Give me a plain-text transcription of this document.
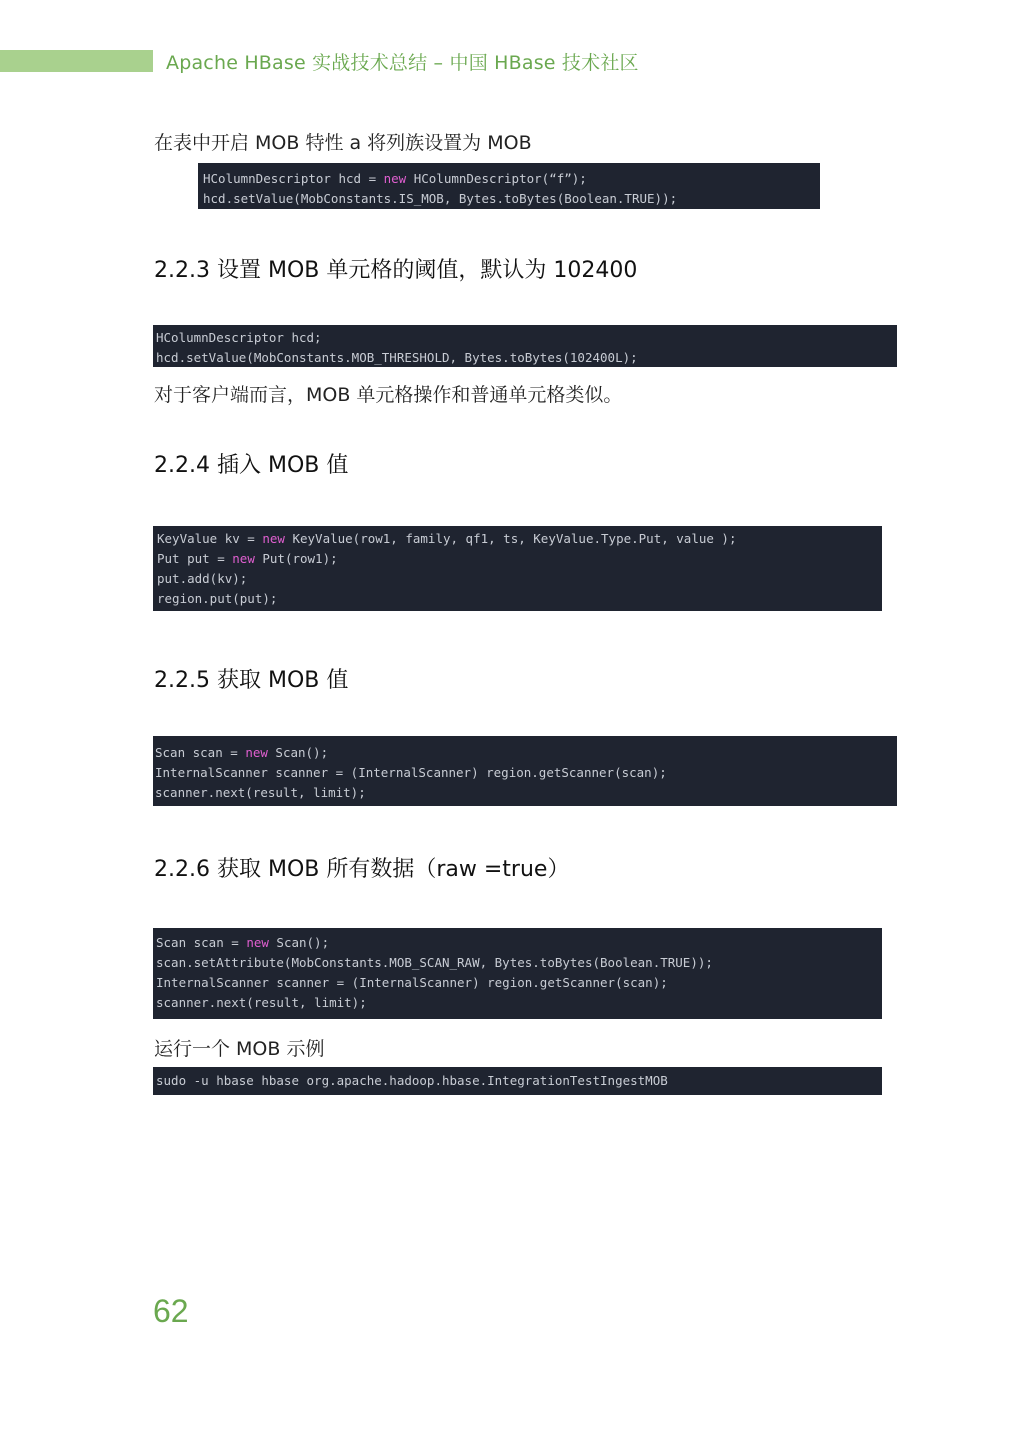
Apache HBase 实战技术总结 – 中国 HBase 技术社区
在表中开启 MOB 特性 a 将列族设置为 MOB
HColumnDescriptor hcd = new HColumnDescriptor(“f”);
hcd.setValue(MobConstants.IS_MOB, Bytes.toBytes(Boolean.TRUE));
2.2.3 设置 MOB 单元格的阈值，默认为 102400
HColumnDescriptor hcd;
hcd.setValue(MobConstants.MOB_THRESHOLD, Bytes.toBytes(102400L);
对于客户端而言，MOB 单元格操作和普通单元格类似。
2.2.4 插入 MOB 值
KeyValue kv = new KeyValue(row1, family, qf1, ts, KeyValue.Type.Put, value );
Put put = new Put(row1);
put.add(kv);
region.put(put);
2.2.5 获取 MOB 值
Scan scan = new Scan();
InternalScanner scanner = (InternalScanner) region.getScanner(scan);
scanner.next(result, limit);
2.2.6 获取 MOB 所有数据（raw =true）
Scan scan = new Scan();
scan.setAttribute(MobConstants.MOB_SCAN_RAW, Bytes.toBytes(Boolean.TRUE));
InternalScanner scanner = (InternalScanner) region.getScanner(scan);
scanner.next(result, limit);
运行一个 MOB 示例
sudo -u hbase hbase org.apache.hadoop.hbase.IntegrationTestIngestMOB
62
